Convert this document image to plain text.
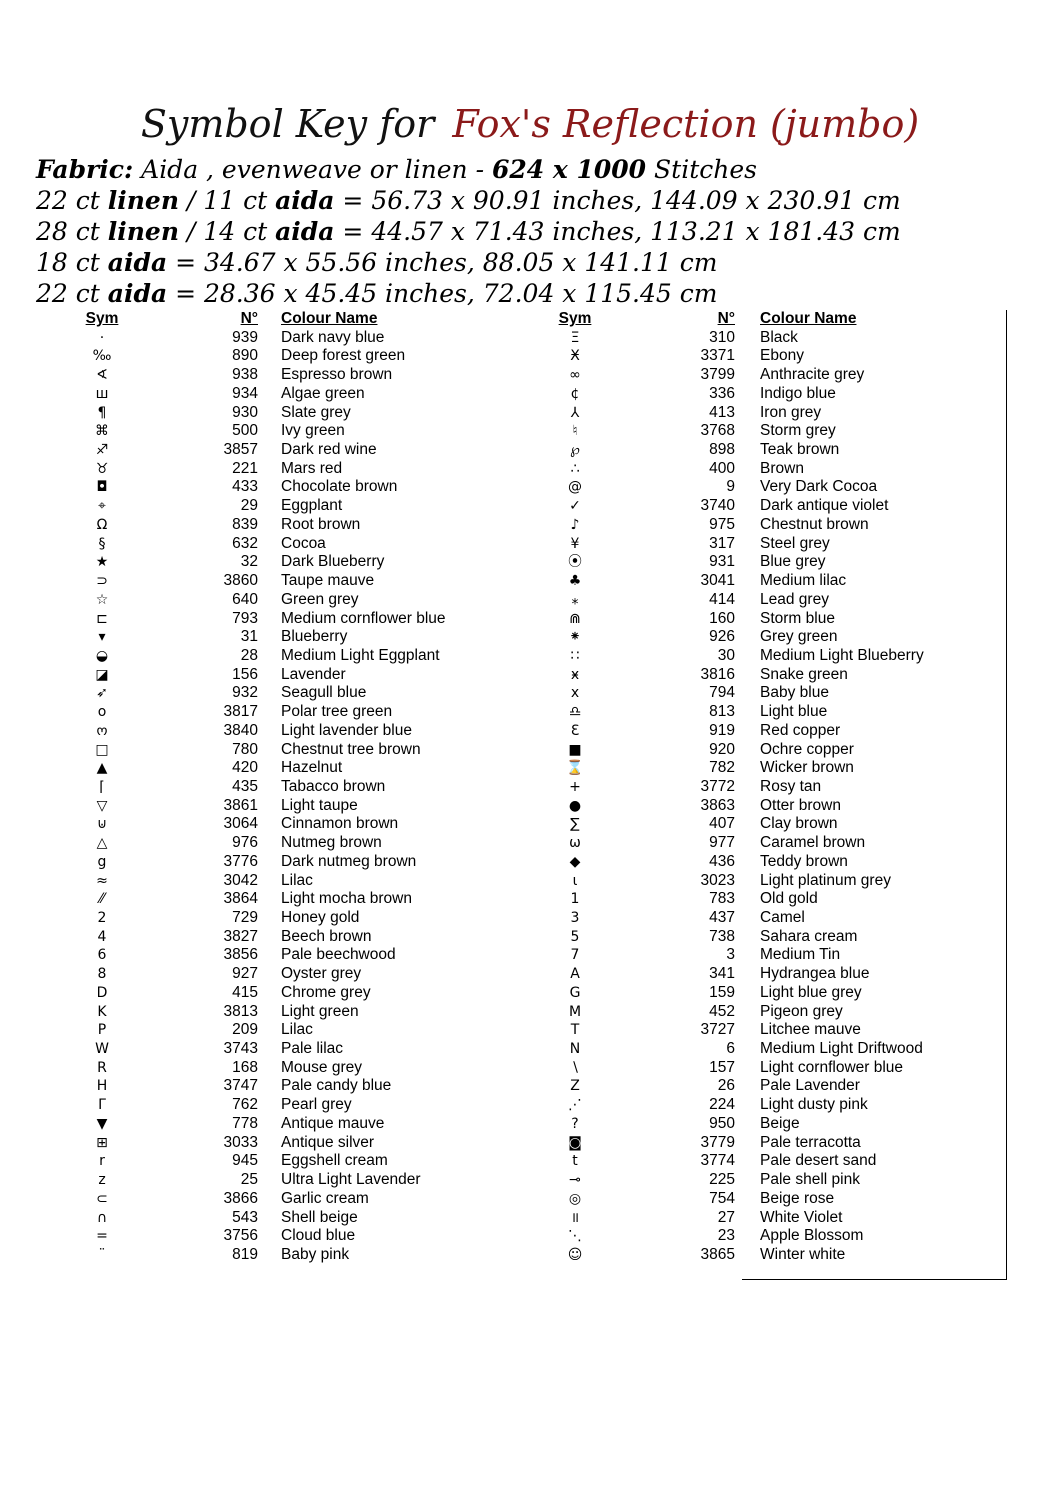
Symbol Key for Fox's Reflection (jumbo)
Fabric: Aida , evenweave or linen - 624 x 1000 Stitches
22 ct linen / 11 ct aida = 56.73 x 90.91 inches, 144.09 x 230.91 cm
28 ct linen / 14 ct aida = 44.57 x 71.43 inches, 113.21 x 181.43 cm
18 ct aida = 34.67 x 55.56 inches, 88.05 x 141.11 cm
22 ct aida = 28.36 x 45.45 inches, 72.04 x 115.45 cm
Sym	N° Colour Name
·	939 Dark navy blue
‰	890 Deep forest green
∢	938 Espresso brown
ш	934 Algae green
¶	930 Slate grey
⌘	500 Ivy green
♐	3857 Dark red wine
♉	221 Mars red
◘	433 Chocolate brown
⌖	29 Eggplant
Ω	839 Root brown
§	632 Cocoa
★	32 Dark Blueberry
⊃	3860 Taupe mauve
☆	640 Green grey
⊏	793 Medium cornflower blue
▾	31 Blueberry
◒	28 Medium Light Eggplant
◪	156 Lavender
➶	932 Seagull blue
o	3817 Polar tree green
ო	3840 Light lavender blue
□	780 Chestnut tree brown
▲	420 Hazelnut
⌈	435 Tabacco brown
▽	3861 Light taupe
⊍	3064 Cinnamon brown
△	976 Nutmeg brown
g	3776 Dark nutmeg brown
≈	3042 Lilac
⁄⁄	3864 Light mocha brown
2	729 Honey gold
4	3827 Beech brown
6	3856 Pale beechwood
8	927 Oyster grey
D	415 Chrome grey
K	3813 Light green
P	209 Lilac
W	3743 Pale lilac
R	168 Mouse grey
H	3747 Pale candy blue
Γ	762 Pearl grey
▼	778 Antique mauve
⊞	3033 Antique silver
r	945 Eggshell cream
z	25 Ultra Light Lavender
⊂	3866 Garlic cream
∩	543 Shell beige
=	3756 Cloud blue
¨	819 Baby pink
Sym	N° Colour Name
Ξ	310 Black
Ӿ	3371 Ebony
∞	3799 Anthracite grey
¢	336 Indigo blue
⅄	413 Iron grey
♮	3768 Storm grey
℘	898 Teak brown
∴	400 Brown
@	9 Very Dark Cocoa
✓	3740 Dark antique violet
♪	975 Chestnut brown
¥	317 Steel grey
⦿	931 Blue grey
♣	3041 Medium lilac
⁎	414 Lead grey
⋒	160 Storm blue
⁕	926 Grey green
∷	30 Medium Light Blueberry
ӿ	3816 Snake green
x	794 Baby blue
♎	813 Light blue
Ɛ	919 Red copper
■	920 Ochre copper
⌛	782 Wicker brown
+	3772 Rosy tan
●	3863 Otter brown
∑	407 Clay brown
ω	977 Caramel brown
◆	436 Teddy brown
ɩ	3023 Light platinum grey
1	783 Old gold
3	437 Camel
5	738 Sahara cream
7	3 Medium Tin
A	341 Hydrangea blue
G	159 Light blue grey
M	452 Pigeon grey
T	3727 Litchee mauve
N	6 Medium Light Driftwood
∖	157 Light cornflower blue
Z	26 Pale Lavender
⋰	224 Light dusty pink
?	950 Beige
◙	3779 Pale terracotta
t	3774 Pale desert sand
⊸	225 Pale shell pink
◎	754 Beige rose
॥	27 White Violet
⋱	23 Apple Blossom
☺	3865 Winter white
